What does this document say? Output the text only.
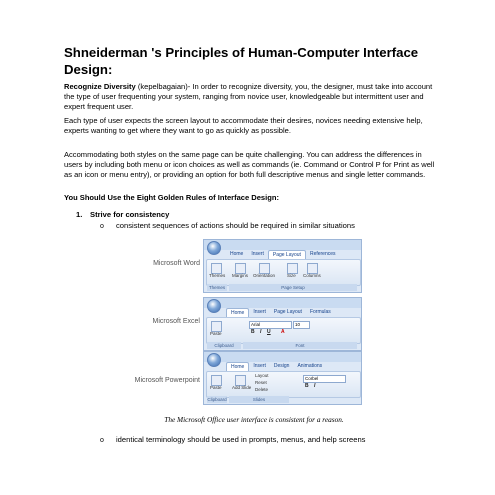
Shneiderman 's Principles of Human-Computer Interface Design:
Recognize Diversity (kepelbagaian)- In order to recognize diversity, you, the designer, must take into account the type of user frequenting your system, ranging from novice user, knowledgeable but intermittent user and expert frequent user.
Each type of user expects the screen layout to accommodate their desires, novices needing extensive help, experts wanting to get where they want to go as quickly as possible.
Accommodating both styles on the same page can be quite challenging. You can address the differences in users by including both menu or icon choices as well as commands (ie. Command or Control P for Print as well as an icon or menu entry), or providing an option for both full descriptive menus and single letter commands.
You Should Use the Eight Golden Rules of Interface Design:
1. Strive for consistency
o consistent sequences of actions should be required in similar situations
Microsoft Word
Microsoft Excel
Microsoft Powerpoint
Home	Insert	Page Layout	References
Themes Margins Orientation	Size Columns
Themes	Page Setup
Home	Insert	Page Layout	Formulas
Paste
Arial	10
B I U A
Clipboard	Font
Home	Insert	Design	Animations
Paste Add Slide
Layout
Reset
Delete
Corbel
B I
Clipboard	Slides
The Microsoft Office user interface is consistent for a reason.
o identical terminology should be used in prompts, menus, and help screens
